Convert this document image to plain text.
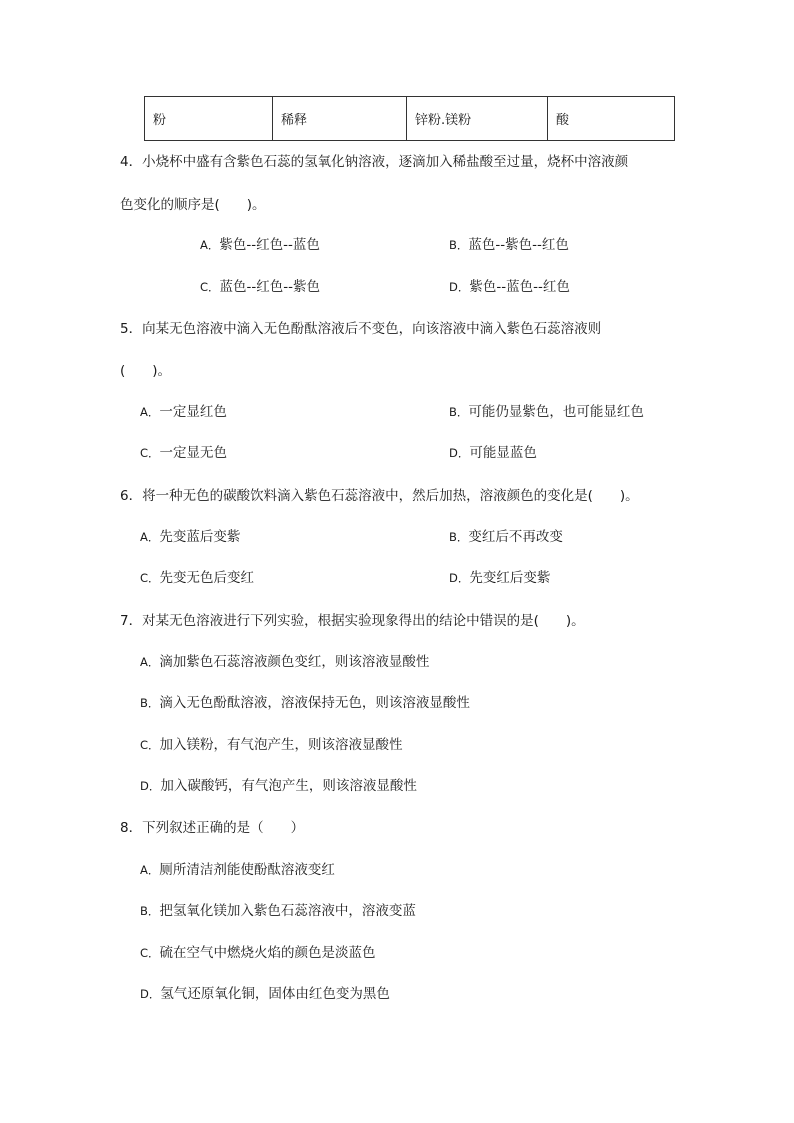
粉	稀释	锌粉.镁粉	酸
4．小烧杯中盛有含紫色石蕊的氢氧化钠溶液，逐滴加入稀盐酸至过量，烧杯中溶液颜
色变化的顺序是(　　)。
A．紫色--红色--蓝色	B．蓝色--紫色--红色
C．蓝色--红色--紫色	D．紫色--蓝色--红色
5．向某无色溶液中滴入无色酚酞溶液后不变色，向该溶液中滴入紫色石蕊溶液则
(　　)。
A．一定显红色	B．可能仍显紫色，也可能显红色
C．一定显无色	D．可能显蓝色
6．将一种无色的碳酸饮料滴入紫色石蕊溶液中，然后加热，溶液颜色的变化是(　　)。
A．先变蓝后变紫	B．变红后不再改变
C．先变无色后变红	D．先变红后变紫
7．对某无色溶液进行下列实验，根据实验现象得出的结论中错误的是(　　)。
A．滴加紫色石蕊溶液颜色变红，则该溶液显酸性
B．滴入无色酚酞溶液，溶液保持无色，则该溶液显酸性
C．加入镁粉，有气泡产生，则该溶液显酸性
D．加入碳酸钙，有气泡产生，则该溶液显酸性
8．下列叙述正确的是（　　）
A．厕所清洁剂能使酚酞溶液变红
B．把氢氧化镁加入紫色石蕊溶液中，溶液变蓝
C．硫在空气中燃烧火焰的颜色是淡蓝色
D．氢气还原氧化铜，固体由红色变为黑色
